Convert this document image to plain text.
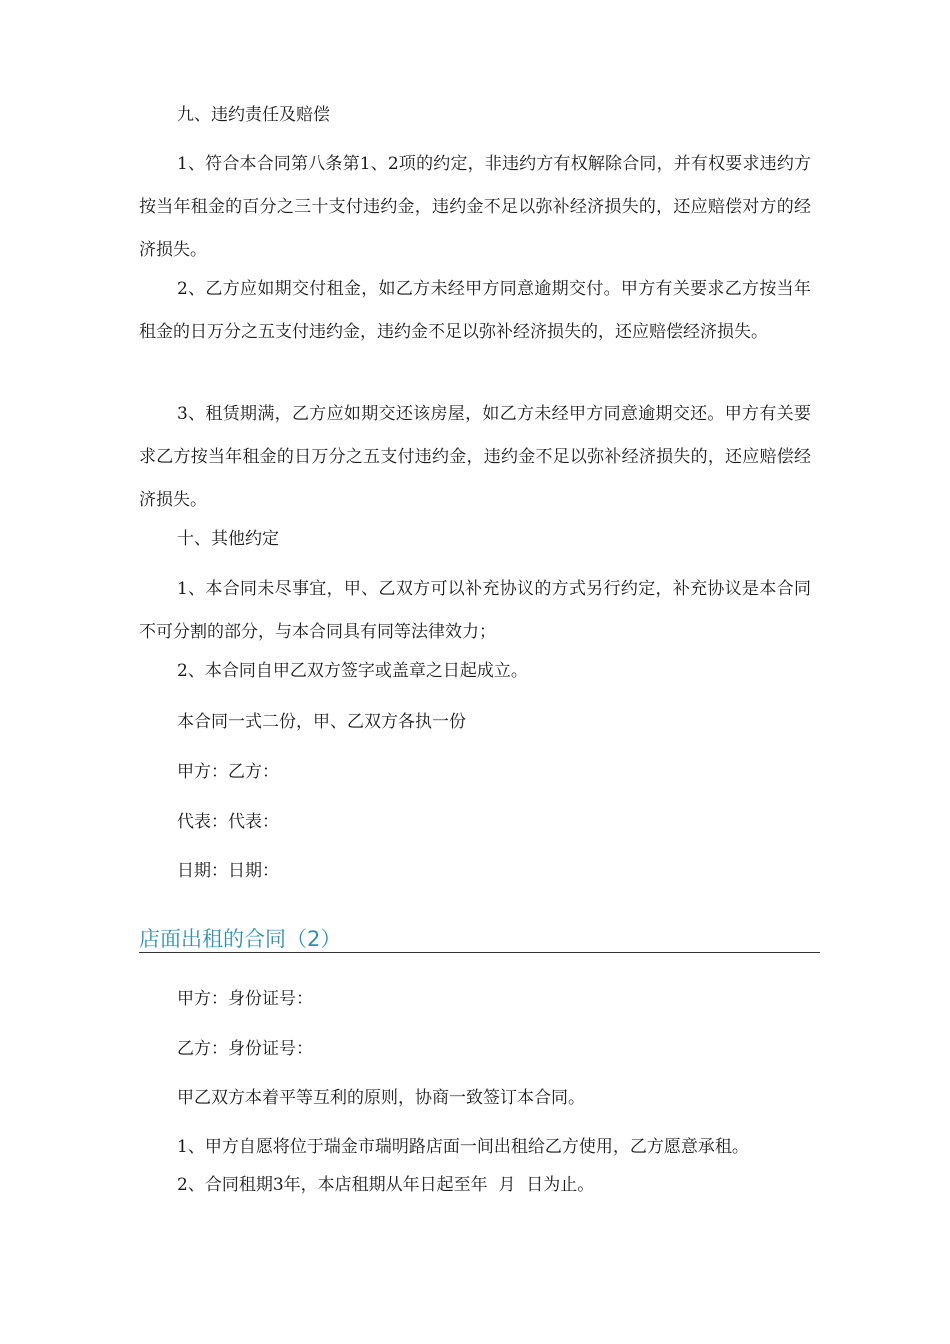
九、违约责任及赔偿
1、符合本合同第八条第1、2项的约定，非违约方有权解除合同，并有权要求违约方按当年租金的百分之三十支付违约金，违约金不足以弥补经济损失的，还应赔偿对方的经济损失。
2、乙方应如期交付租金，如乙方未经甲方同意逾期交付。甲方有关要求乙方按当年租金的日万分之五支付违约金，违约金不足以弥补经济损失的，还应赔偿经济损失。
3、租赁期满，乙方应如期交还该房屋，如乙方未经甲方同意逾期交还。甲方有关要求乙方按当年租金的日万分之五支付违约金，违约金不足以弥补经济损失的，还应赔偿经济损失。
十、其他约定
1、本合同未尽事宜，甲、乙双方可以补充协议的方式另行约定，补充协议是本合同不可分割的部分，与本合同具有同等法律效力；
2、本合同自甲乙双方签字或盖章之日起成立。
本合同一式二份，甲、乙双方各执一份
甲方：乙方：
代表：代表：
日期：日期：
店面出租的合同（2）
甲方：身份证号：
乙方：身份证号：
甲乙双方本着平等互利的原则，协商一致签订本合同。
1、甲方自愿将位于瑞金市瑞明路店面一间出租给乙方使用，乙方愿意承租。
2、合同租期3年，本店租期从年日起至年  月  日为止。
